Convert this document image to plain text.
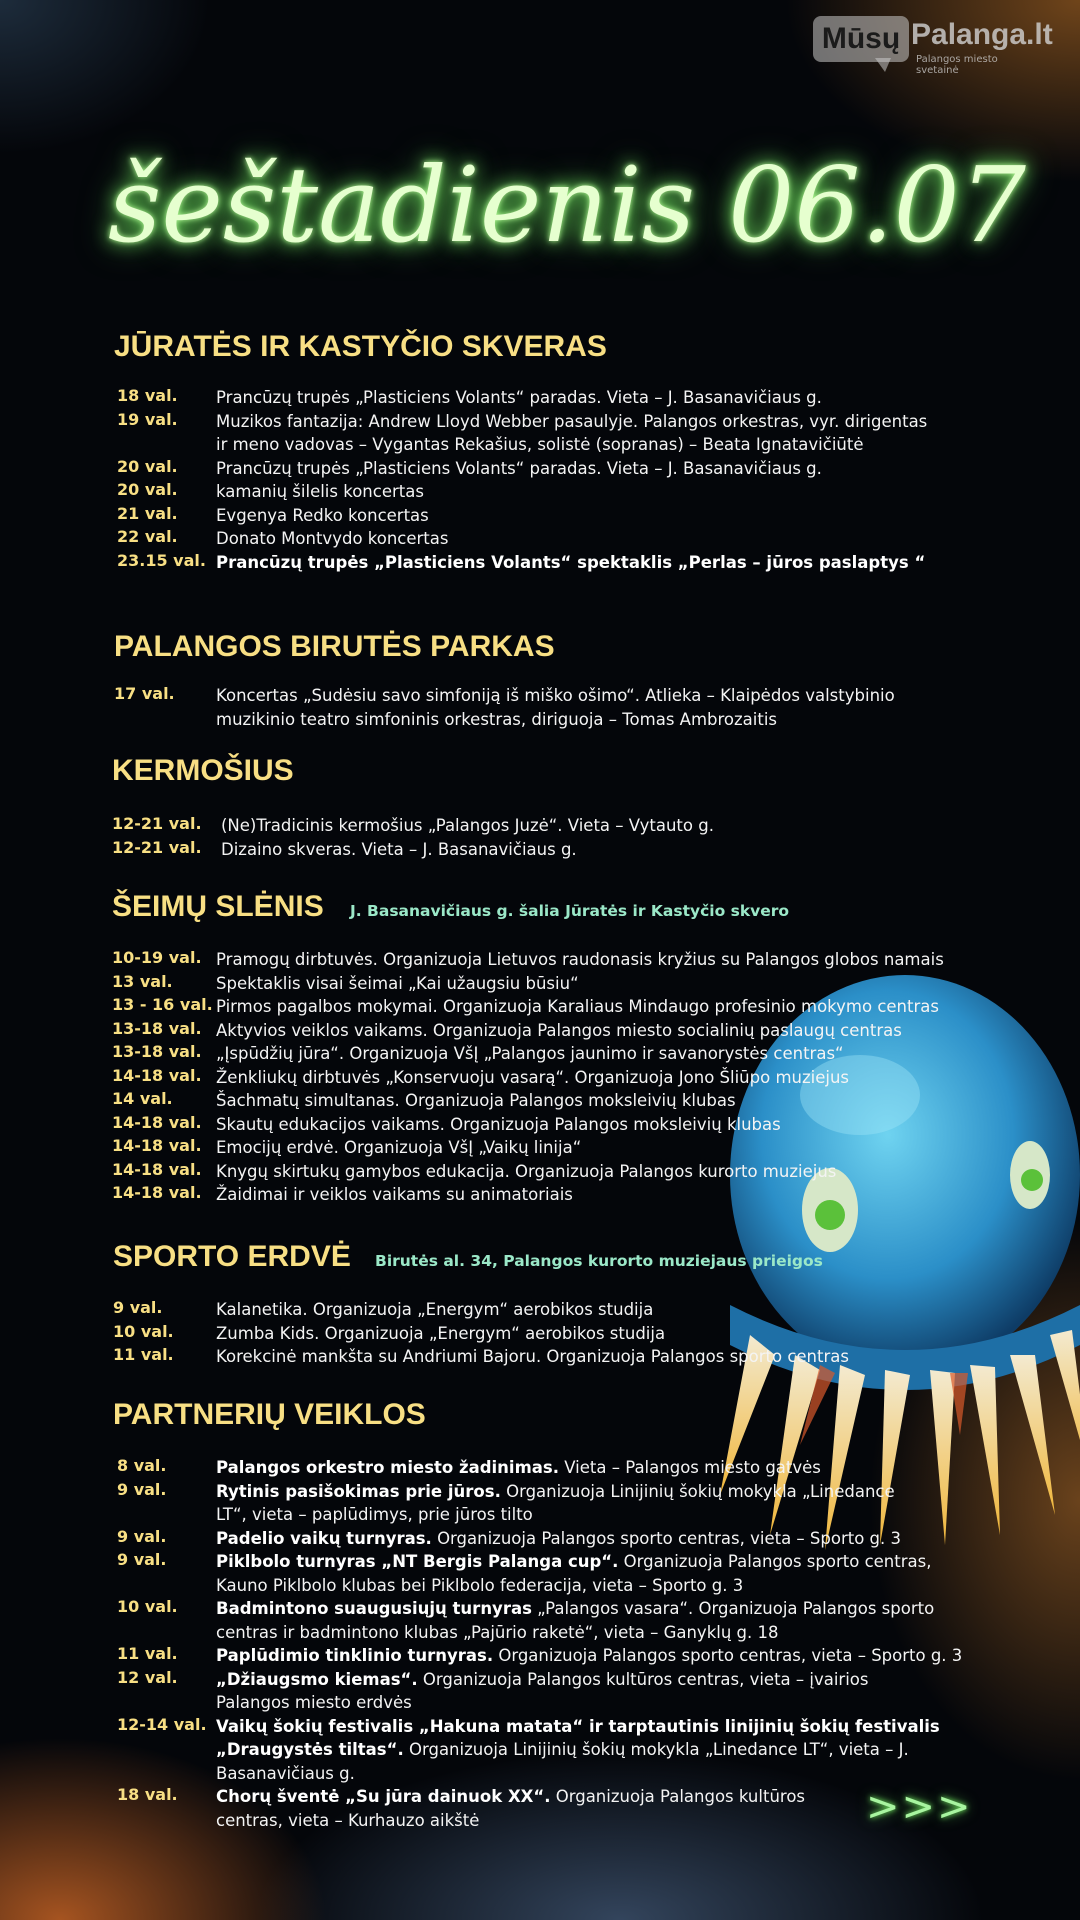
Mūsų Palanga.lt
Palangos miesto svetainė
šeštadienis 06.07
JŪRATĖS IR KASTYČIO SKVERAS
18 val. Prancūzų trupės „Plasticiens Volants“ paradas. Vieta – J. Basanavičiaus g.
19 val. Muzikos fantazija: Andrew Lloyd Webber pasaulyje. Palangos orkestras, vyr. dirigentas ir meno vadovas – Vygantas Rekašius, solistė (sopranas) – Beata Ignatavičiūtė
20 val. Prancūzų trupės „Plasticiens Volants“ paradas. Vieta – J. Basanavičiaus g.
20 val. kamanių šilelis koncertas
21 val. Evgenya Redko koncertas
22 val. Donato Montvydo koncertas
23.15 val. Prancūzų trupės „Plasticiens Volants“ spektaklis „Perlas – jūros paslaptys “
PALANGOS BIRUTĖS PARKAS
17 val.	Koncertas „Sudėsiu savo simfoniją iš miško ošimo“. Atlieka – Klaipėdos valstybinio muzikinio teatro simfoninis orkestras, diriguoja – Tomas Ambrozaitis
KERMOŠIUS
12-21 val. (Ne)Tradicinis kermošius „Palangos Juzė“. Vieta – Vytauto g.
12-21 val. Dizaino skveras. Vieta – J. Basanavičiaus g.
ŠEIMŲ SLĖNIS J. Basanavičiaus g. šalia Jūratės ir Kastyčio skvero
10-19 val. Pramogų dirbtuvės. Organizuoja Lietuvos raudonasis kryžius su Palangos globos namais
13 val.	Spektaklis visai šeimai „Kai užaugsiu būsiu“
13 - 16 val. Pirmos pagalbos mokymai. Organizuoja Karaliaus Mindaugo profesinio mokymo centras
13-18 val. Aktyvios veiklos vaikams. Organizuoja Palangos miesto socialinių paslaugų centras
13-18 val. „Įspūdžių jūra“. Organizuoja VšĮ „Palangos jaunimo ir savanorystės centras“
14-18 val. Ženkliukų dirbtuvės „Konservuoju vasarą“. Organizuoja Jono Šliūpo muziejus
14 val.	Šachmatų simultanas. Organizuoja Palangos moksleivių klubas
14-18 val. Skautų edukacijos vaikams. Organizuoja Palangos moksleivių klubas
14-18 val. Emocijų erdvė. Organizuoja VšĮ „Vaikų linija“
14-18 val. Knygų skirtukų gamybos edukacija. Organizuoja Palangos kurorto muziejus
14-18 val. Žaidimai ir veiklos vaikams su animatoriais
SPORTO ERDVĖ Birutės al. 34, Palangos kurorto muziejaus prieigos
9 val.	Kalanetika. Organizuoja „Energym“ aerobikos studija
10 val.	Zumba Kids. Organizuoja „Energym“ aerobikos studija
11 val.	Korekcinė mankšta su Andriumi Bajoru. Organizuoja Palangos sporto centras
PARTNERIŲ VEIKLOS
8 val.	Palangos orkestro miesto žadinimas. Vieta – Palangos miesto gatvės
9 val.	Rytinis pasišokimas prie jūros. Organizuoja Linijinių šokių mokykla „Linedance LT“, vieta – paplūdimys, prie jūros tilto
9 val.	Padelio vaikų turnyras. Organizuoja Palangos sporto centras, vieta – Sporto g. 3
9 val.	Piklbolo turnyras „NT Bergis Palanga cup“. Organizuoja Palangos sporto centras, Kauno Piklbolo klubas bei Piklbolo federacija, vieta – Sporto g. 3
10 val. Badmintono suaugusiųjų turnyras „Palangos vasara“. Organizuoja Palangos sporto centras ir badmintono klubas „Pajūrio raketė“, vieta – Ganyklų g. 18
11 val. Paplūdimio tinklinio turnyras. Organizuoja Palangos sporto centras, vieta – Sporto g. 3
12 val. „Džiaugsmo kiemas“. Organizuoja Palangos kultūros centras, vieta – įvairios Palangos miesto erdvės
12-14 val. Vaikų šokių festivalis „Hakuna matata“ ir tarptautinis linijinių šokių festivalis „Draugystės tiltas“. Organizuoja Linijinių šokių mokykla „Linedance LT“, vieta – J. Basanavičiaus g.
18 val. Chorų šventė „Su jūra dainuok XX“. Organizuoja Palangos kultūros centras, vieta – Kurhauzo aikštė	>>>
